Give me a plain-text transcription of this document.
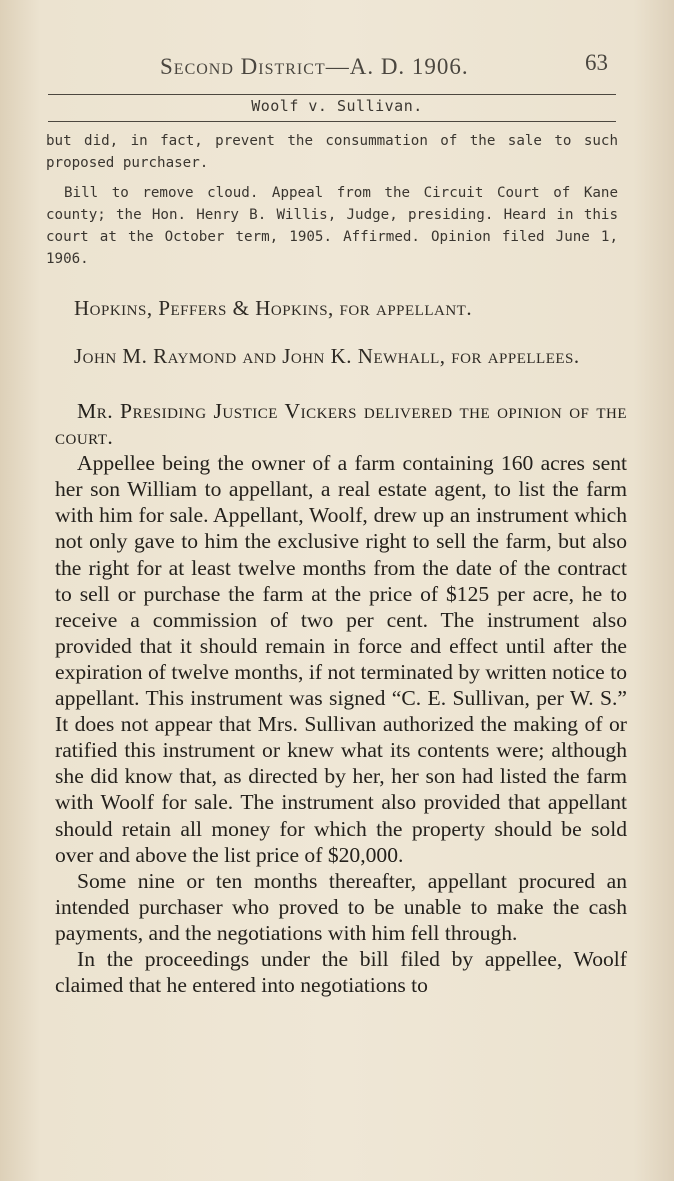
Second District—A. D. 1906.	63
Woolf v. Sullivan.

but did, in fact, prevent the consummation of the sale to such proposed purchaser.

Bill to remove cloud. Appeal from the Circuit Court of Kane county; the Hon. Henry B. Willis, Judge, presiding. Heard in this court at the October term, 1905. Affirmed. Opinion filed June 1, 1906.

Hopkins, Peffers & Hopkins, for appellant.

John M. Raymond and John K. Newhall, for appellees.

Mr. Presiding Justice Vickers delivered the opinion of the court.

Appellee being the owner of a farm containing 160 acres sent her son William to appellant, a real estate agent, to list the farm with him for sale. Appellant, Woolf, drew up an instrument which not only gave to him the exclusive right to sell the farm, but also the right for at least twelve months from the date of the contract to sell or purchase the farm at the price of $125 per acre, he to receive a commission of two per cent. The instrument also provided that it should remain in force and effect until after the expiration of twelve months, if not terminated by written notice to appellant. This instrument was signed “C. E. Sullivan, per W. S.” It does not appear that Mrs. Sullivan authorized the making of or ratified this instrument or knew what its contents were; although she did know that, as directed by her, her son had listed the farm with Woolf for sale. The instrument also provided that appellant should retain all money for which the property should be sold over and above the list price of $20,000.

Some nine or ten months thereafter, appellant procured an intended purchaser who proved to be unable to make the cash payments, and the negotiations with him fell through.

In the proceedings under the bill filed by appellee, Woolf claimed that he entered into negotiations to
